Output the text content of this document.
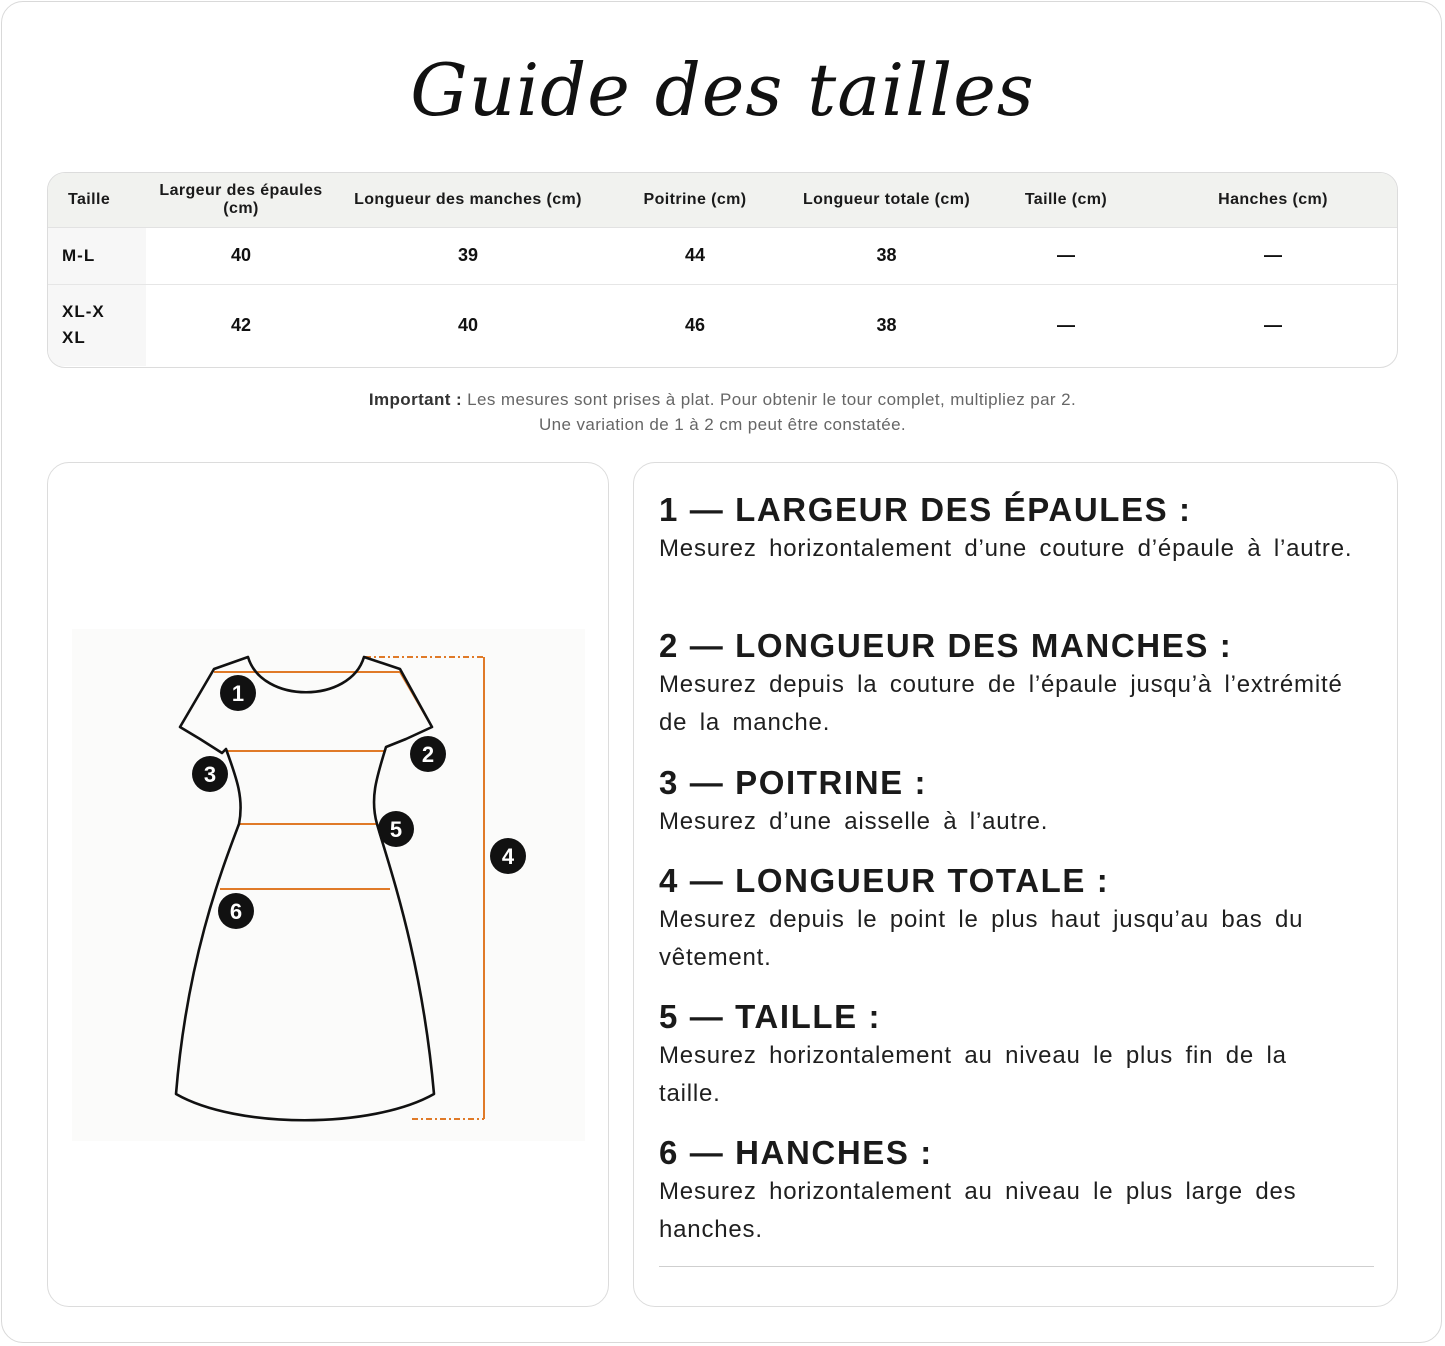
Guide des tailles
Taille	Largeur des épaules (cm)	Longueur des manches (cm)	Poitrine (cm)	Longueur totale (cm)	Taille (cm)	Hanches (cm)
M-L	40	39	44	38	—	—
XL-XXL	42	40	46	38	—	—
Important : Les mesures sont prises à plat. Pour obtenir le tour complet, multipliez par 2.
Une variation de 1 à 2 cm peut être constatée.
1
2
3
4
5
6
1 — LARGEUR DES ÉPAULES :

Mesurez horizontalement d’une couture d’épaule à l’autre.

2 — LONGUEUR DES MANCHES :

Mesurez depuis la couture de l’épaule jusqu’à l’extrémité de la manche.

3 — POITRINE :

Mesurez d’une aisselle à l’autre.

4 — LONGUEUR TOTALE :

Mesurez depuis le point le plus haut jusqu’au bas du vêtement.

5 — TAILLE :

Mesurez horizontalement au niveau le plus fin de la taille.

6 — HANCHES :

Mesurez horizontalement au niveau le plus large des hanches.
